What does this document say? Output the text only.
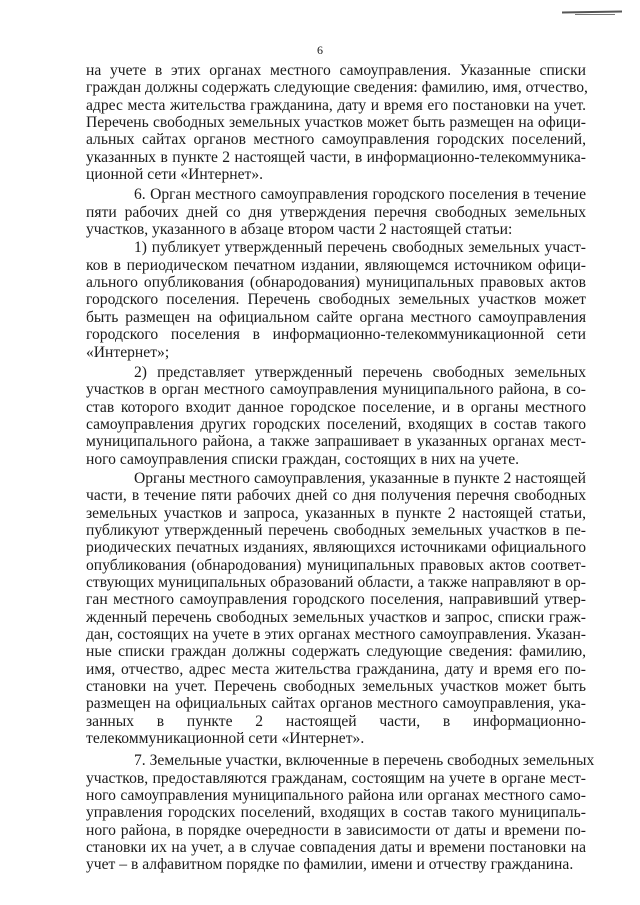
6
на учете в этих органах местного самоуправления. Указанные списки
граждан должны содержать следующие сведения: фамилию, имя, отчество,
адрес места жительства гражданина, дату и время его постановки на учет.
Перечень свободных земельных участков может быть размещен на офици-
альных сайтах органов местного самоуправления городских поселений,
указанных в пункте 2 настоящей части, в информационно-телекоммуника-
ционной сети «Интернет».
6. Орган местного самоуправления городского поселения в течение
пяти рабочих дней со дня утверждения перечня свободных земельных
участков, указанного в абзаце втором части 2 настоящей статьи:
1) публикует утвержденный перечень свободных земельных участ-
ков в периодическом печатном издании, являющемся источником офици-
ального опубликования (обнародования) муниципальных правовых актов
городского поселения. Перечень свободных земельных участков может
быть размещен на официальном сайте органа местного самоуправления
городского поселения в информационно-телекоммуникационной сети
«Интернет»;
2) представляет утвержденный перечень свободных земельных
участков в орган местного самоуправления муниципального района, в со-
став которого входит данное городское поселение, и в органы местного
самоуправления других городских поселений, входящих в состав такого
муниципального района, а также запрашивает в указанных органах мест-
ного самоуправления списки граждан, состоящих в них на учете.
Органы местного самоуправления, указанные в пункте 2 настоящей
части, в течение пяти рабочих дней со дня получения перечня свободных
земельных участков и запроса, указанных в пункте 2 настоящей статьи,
публикуют утвержденный перечень свободных земельных участков в пе-
риодических печатных изданиях, являющихся источниками официального
опубликования (обнародования) муниципальных правовых актов соответ-
ствующих муниципальных образований области, а также направляют в ор-
ган местного самоуправления городского поселения, направивший утвер-
жденный перечень свободных земельных участков и запрос, списки граж-
дан, состоящих на учете в этих органах местного самоуправления. Указан-
ные списки граждан должны содержать следующие сведения: фамилию,
имя, отчество, адрес места жительства гражданина, дату и время его по-
становки на учет. Перечень свободных земельных участков может быть
размещен на официальных сайтах органов местного самоуправления, ука-
занных в пункте 2 настоящей части, в информационно-
телекоммуникационной сети «Интернет».
7. Земельные участки, включенные в перечень свободных земельных
участков, предоставляются гражданам, состоящим на учете в органе мест-
ного самоуправления муниципального района или органах местного само-
управления городских поселений, входящих в состав такого муниципаль-
ного района, в порядке очередности в зависимости от даты и времени по-
становки их на учет, а в случае совпадения даты и времени постановки на
учет – в алфавитном порядке по фамилии, имени и отчеству гражданина.
